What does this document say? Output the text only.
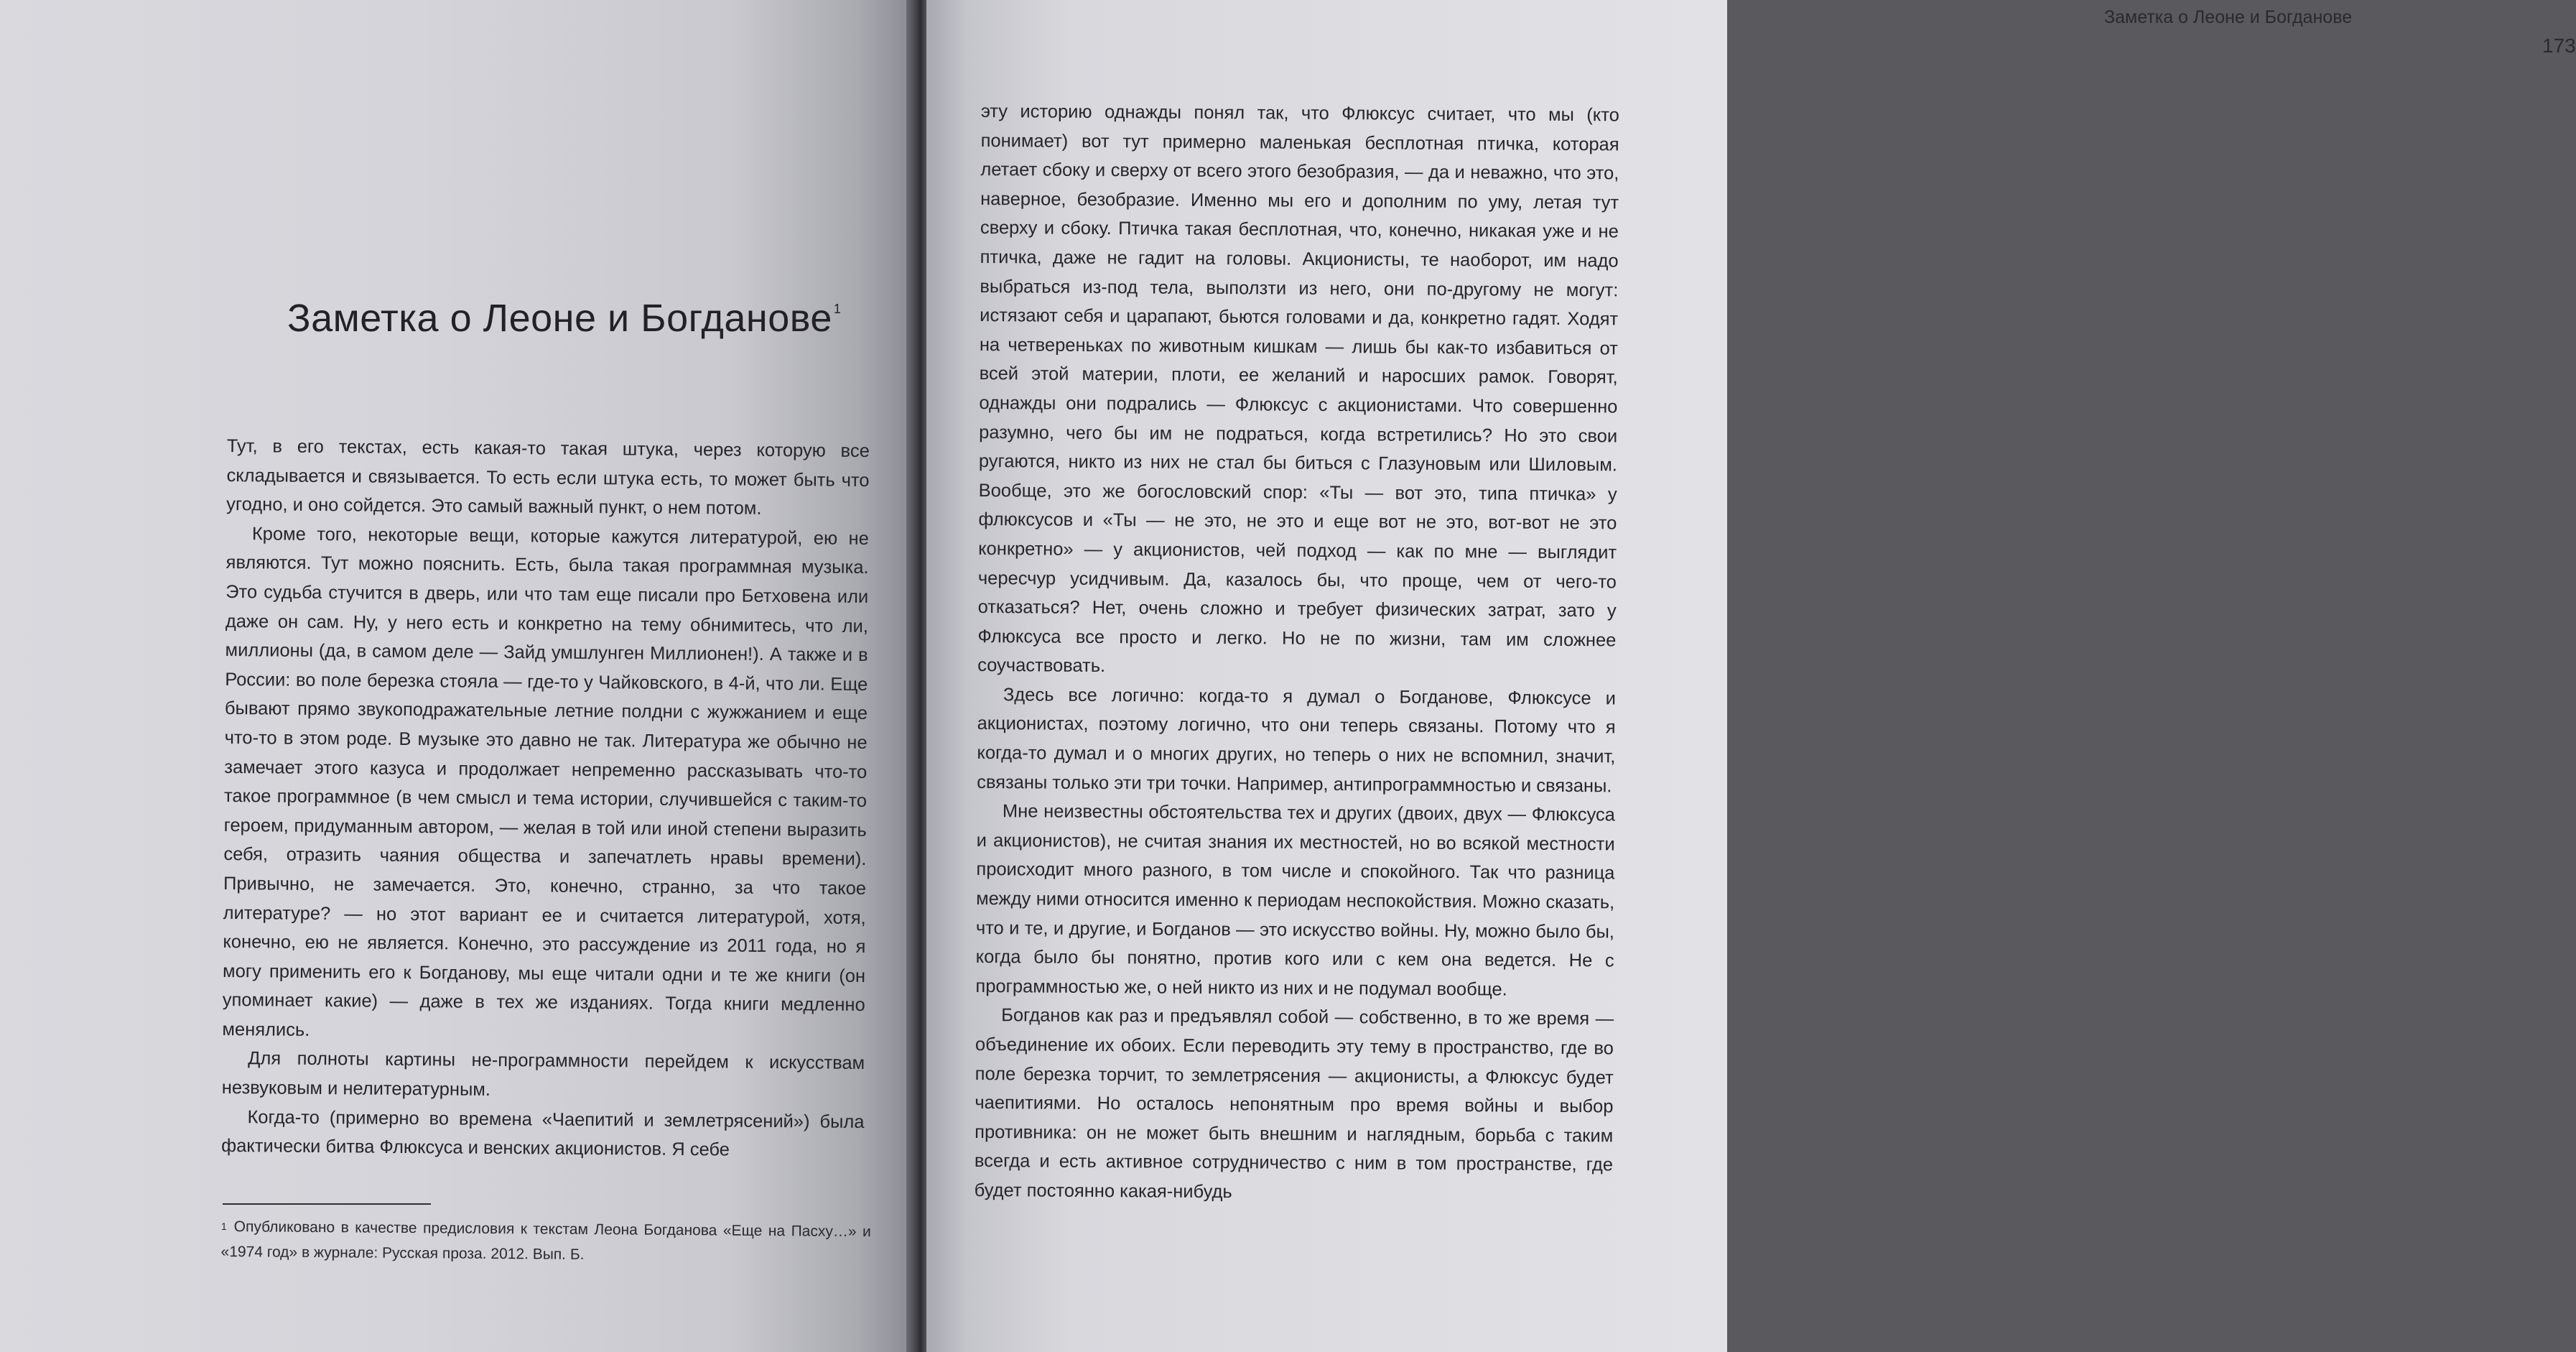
Заметка о Леоне и Богданове $^1$

Тут, в его текстах, есть какая-то такая штука, через которую все складывается и связывается. То есть если штука есть, то может быть что угодно, и оно сойдется. Это самый важный пункт, о нем потом.

Кроме того, некоторые вещи, которые кажутся литературой, ею не являются. Тут можно пояснить. Есть, была такая программная музыка. Это судьба стучится в дверь, или что там еще писали про Бетховена или даже он сам. Ну, у него есть и конкретно на тему обнимитесь, что ли, миллионы (да, в самом деле — Зайд умшлунген Миллионен!). А также и в России: во поле березка стояла — где-то у Чайковского, в 4-й, что ли. Еще бывают прямо звукоподражательные летние полдни с жужжанием и еще что-то в этом роде. В музыке это давно не так. Литература же обычно не замечает этого казуса и продолжает непременно рассказывать что-то такое программное (в чем смысл и тема истории, случившейся с таким-то героем, придуманным автором, — желая в той или иной степени выразить себя, отразить чаяния общества и запечатлеть нравы времени). Привычно, не замечается. Это, конечно, странно, за что такое литературе? — но этот вариант ее и считается литературой, хотя, конечно, ею не является. Конечно, это рассуждение из 2011 года, но я могу применить его к Богданову, мы еще читали одни и те же книги (он упоминает какие) — даже в тех же изданиях. Тогда книги медленно менялись.

Для полноты картины не-программности перейдем к искусствам незвуковым и нелитературным.

Когда-то (примерно во времена «Чаепитий и землетрясений») была фактически битва Флюксуса и венских акционистов. Я себе

$^1$ Опубликовано в качестве предисловия к текстам Леона Богданова «Еще на Пасху…» и «1974 год» в журнале: Русская проза. 2012. Вып. Б.

Заметка о Леоне и Богданове
173

эту историю однажды понял так, что Флюксус считает, что мы (кто понимает) вот тут примерно маленькая бесплотная птичка, которая летает сбоку и сверху от всего этого безобразия, — да и неважно, что это, наверное, безобразие. Именно мы его и дополним по уму, летая тут сверху и сбоку. Птичка такая бесплотная, что, конечно, никакая уже и не птичка, даже не гадит на головы. Акционисты, те наоборот, им надо выбраться из-под тела, выползти из него, они по-другому не могут: истязают себя и царапают, бьются головами и да, конкретно гадят. Ходят на четвереньках по животным кишкам — лишь бы как-то избавиться от всей этой материи, плоти, ее желаний и наросших рамок. Говорят, однажды они подрались — Флюксус с акционистами. Что совершенно разумно, чего бы им не подраться, когда встретились? Но это свои ругаются, никто из них не стал бы биться с Глазуновым или Шиловым. Вообще, это же богословский спор: «Ты — вот это, типа птичка» у флюксусов и «Ты — не это, не это и еще вот не это, вот-вот не это конкретно» — у акционистов, чей подход — как по мне — выглядит чересчур усидчивым. Да, казалось бы, что проще, чем от чего-то отказаться? Нет, очень сложно и требует физических затрат, зато у Флюксуса все просто и легко. Но не по жизни, там им сложнее соучаствовать.

Здесь все логично: когда-то я думал о Богданове, Флюксусе и акционистах, поэтому логично, что они теперь связаны. Потому что я когда-то думал и о многих других, но теперь о них не вспомнил, значит, связаны только эти три точки. Например, антипрограммностью и связаны.

Мне неизвестны обстоятельства тех и других (двоих, двух — Флюксуса и акционистов), не считая знания их местностей, но во всякой местности происходит много разного, в том числе и спокойного. Так что разница между ними относится именно к периодам неспокойствия. Можно сказать, что и те, и другие, и Богданов — это искусство войны. Ну, можно было бы, когда было бы понятно, против кого или с кем она ведется. Не с программностью же, о ней никто из них и не подумал вообще.

Богданов как раз и предъявлял собой — собственно, в то же время — объединение их обоих. Если переводить эту тему в пространство, где во поле березка торчит, то землетрясения — акционисты, а Флюксус будет чаепитиями. Но осталось непонятным про время войны и выбор противника: он не может быть внешним и наглядным, борьба с таким всегда и есть активное сотрудничество с ним в том пространстве, где будет постоянно какая-нибудь
